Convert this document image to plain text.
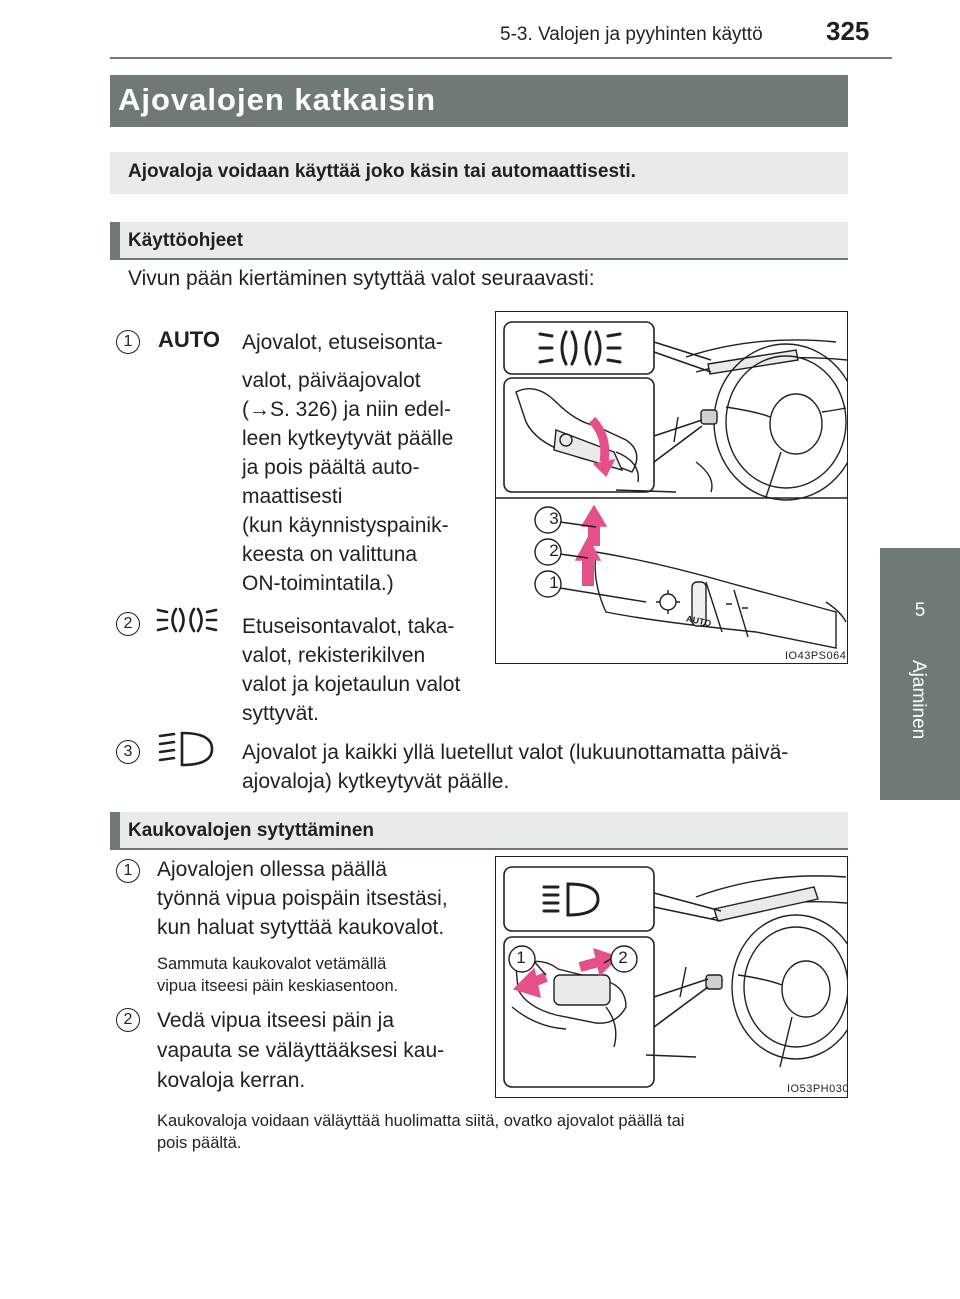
5-3. Valojen ja pyyhinten käyttö 325
5
Ajaminen
Ajovalojen katkaisin
Ajovaloja voidaan käyttää joko käsin tai automaattisesti.
Käyttöohjeet
Vivun pään kiertäminen sytyttää valot seuraavasti:
1	AUTO Ajovalot, etuseisonta-
valot, päiväajovalot
(→S. 326) ja niin edel-
leen kytkeytyvät päälle
ja pois päältä auto-
maattisesti
(kun käynnistyspainik-
keesta on valittuna
ON-toimintatila.)
2	Etuseisontavalot, taka-
valot, rekisterikilven
valot ja kojetaulun valot
syttyvät.
3
2
1
AUTO
IO43PS064
3	Ajovalot ja kaikki yllä luetellut valot (lukuunottamatta päivä-
ajovaloja) kytkeytyvät päälle.
Kaukovalojen sytyttäminen
1	Ajovalojen ollessa päällä
työnnä vipua poispäin itsestäsi,
kun haluat sytyttää kaukovalot.
Sammuta kaukovalot vetämällä
vipua itseesi päin keskiasentoon.
2	Vedä vipua itseesi päin ja
vapauta se väläyttääksesi kau-
kovaloja kerran.
1	2
IO53PH030
Kaukovaloja voidaan väläyttää huolimatta siitä, ovatko ajovalot päällä tai
pois päältä.
